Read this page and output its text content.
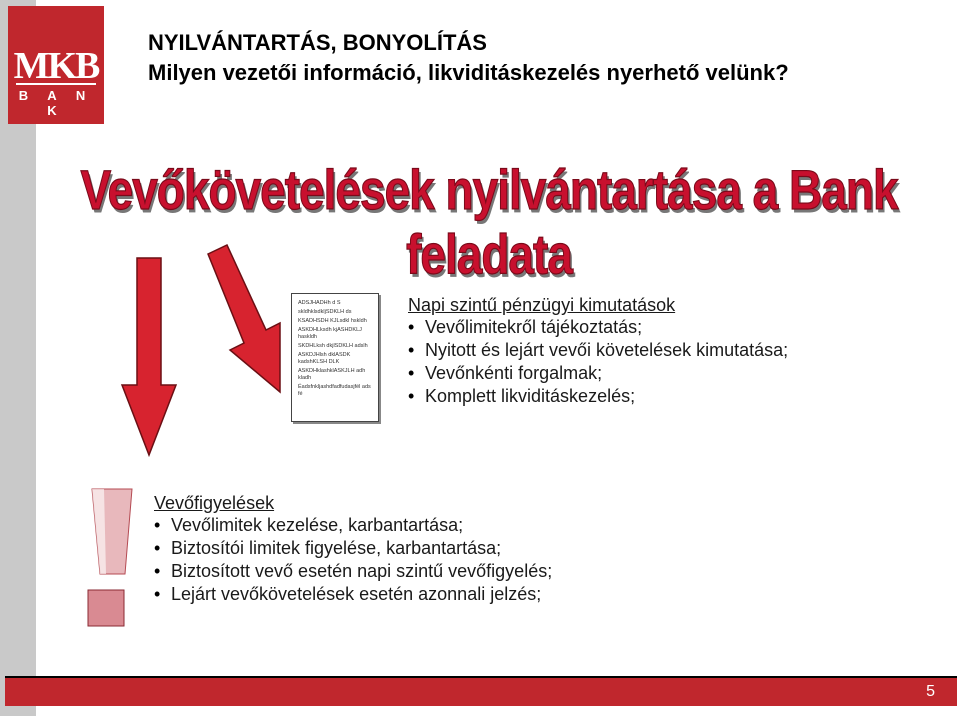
MKB
B A N K
NYILVÁNTARTÁS, BONYOLÍTÁS
Milyen vezetői információ, likviditáskezelés nyerhető velünk?
Vevőkövetelések nyilvántartása a Bank feladata
ADSJHADHh d S
skldhklsdkljSDKLH ds
KSADHSDH KJLsdkl hskldh
ASKDHLksdh kjASHDKLJ haskldh
SKDHLksh dkjlSDKLH adslh
ASKDJHlsh dklASDK kadshKLSH DLK
ASKDHklashklASKJLH adh kladh
Éadsfnkljashdfadfudasjfél ads fé
Napi szintű pénzügyi kimutatások
• Vevőlimitekről tájékoztatás;
• Nyitott és lejárt vevői követelések kimutatása;
• Vevőnkénti forgalmak;
• Komplett likviditáskezelés;
Vevőfigyelések
• Vevőlimitek kezelése, karbantartása;
• Biztosítói limitek figyelése, karbantartása;
• Biztosított vevő esetén napi szintű vevőfigyelés;
• Lejárt vevőkövetelések esetén azonnali jelzés;
5
